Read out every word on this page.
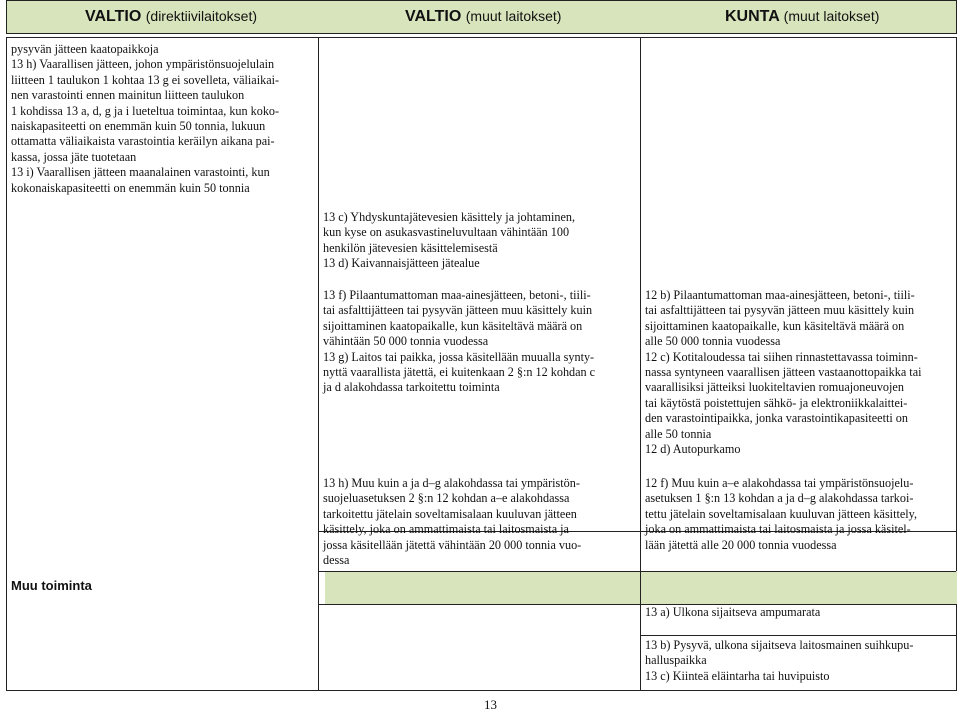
VALTIO (direktiivilaitokset)	VALTIO (muut laitokset)	KUNTA (muut laitokset)

pysyvän jätteen kaatopaikkoja

13 h) Vaarallisen jätteen, johon ympäristönsuojelulain

liitteen 1 taulukon 1 kohtaa 13 g ei sovelleta, väliaikai-

nen varastointi ennen mainitun liitteen taulukon

1 kohdissa 13 a, d, g ja i lueteltua toimintaa, kun koko-

naiskapasiteetti on enemmän kuin 50 tonnia, lukuun

ottamatta väliaikaista varastointia keräilyn aikana pai-

kassa, jossa jäte tuotetaan

13 i) Vaarallisen jätteen maanalainen varastointi, kun

kokonaiskapasiteetti on enemmän kuin 50 tonnia

13 c) Yhdyskuntajätevesien käsittely ja johtaminen,

kun kyse on asukasvastineluvultaan vähintään 100

henkilön jätevesien käsittelemisestä

13 d) Kaivannaisjätteen jätealue

13 f) Pilaantumattoman maa-ainesjätteen, betoni-, tiili-

tai asfalttijätteen tai pysyvän jätteen muu käsittely kuin

sijoittaminen kaatopaikalle, kun käsiteltävä määrä on

vähintään 50 000 tonnia vuodessa

13 g) Laitos tai paikka, jossa käsitellään muualla synty-

nyttä vaarallista jätettä, ei kuitenkaan 2 §:n 12 kohdan c

ja d alakohdassa tarkoitettu toiminta

13 h) Muu kuin a ja d–g alakohdassa tai ympäristön-

suojeluasetuksen 2 §:n 12 kohdan a–e alakohdassa

tarkoitettu jätelain soveltamisalaan kuuluvan jätteen

käsittely, joka on ammattimaista tai laitosmaista ja

jossa käsitellään jätettä vähintään 20 000 tonnia vuo-

dessa

12 b) Pilaantumattoman maa-ainesjätteen, betoni-, tiili-

tai asfalttijätteen tai pysyvän jätteen muu käsittely kuin

sijoittaminen kaatopaikalle, kun käsiteltävä määrä on

alle 50 000 tonnia vuodessa

12 c) Kotitaloudessa tai siihen rinnastettavassa toiminn-

nassa syntyneen vaarallisen jätteen vastaanottopaikka tai

vaarallisiksi jätteiksi luokiteltavien romuajoneuvojen

tai käytöstä poistettujen sähkö- ja elektroniikkalaittei-

den varastointipaikka, jonka varastointikapasiteetti on

alle 50 tonnia

12 d) Autopurkamo

12 f) Muu kuin a–e alakohdassa tai ympäristönsuojelu-

asetuksen 1 §:n 13 kohdan a ja d–g alakohdassa tarkoi-

tettu jätelain soveltamisalaan kuuluvan jätteen käsittely,

joka on ammattimaista tai laitosmaista ja jossa käsitel-

lään jätettä alle 20 000 tonnia vuodessa

13 a) Ulkona sijaitseva ampumarata

13 b) Pysyvä, ulkona sijaitseva laitosmainen suihkupu-

halluspaikka

13 c) Kiinteä eläintarha tai huvipuisto

Muu toiminta
13
